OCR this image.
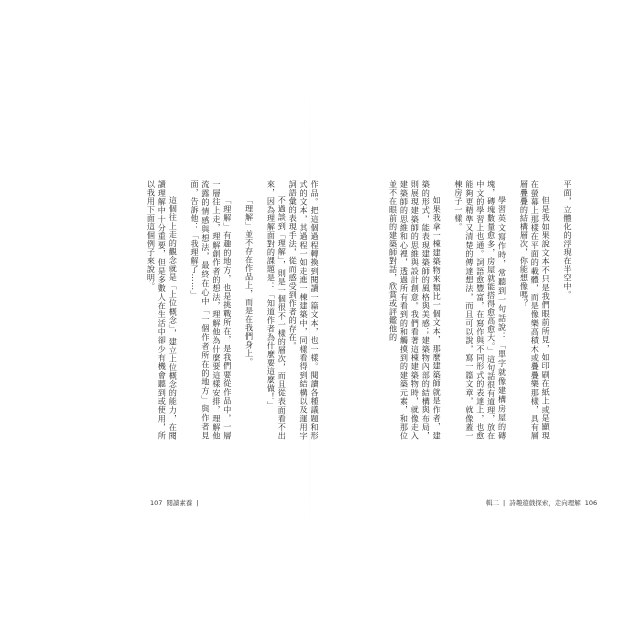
作品。把這個過程轉換到閱讀一篇文本，也一樣。閱讀各種議題和形式的文本，其過程一如走進一棟建築中，同樣看得到結構以及運用字詞語彙的表現手法，從而感受到作者的存在。

不過談到「理解」，則是一個很不一樣的層次，而且從表面看不出來，因為理解面對的課題是：「知道作者為什麼要這麼做！」

「理解」並不存在作品上，而是在我們身上。

「理解」有趣的地方，也是挑戰所在，是我們要從作品中，一層一層往上走，理解創作者的想法，理解他為什麼要這樣安排，理解他流露的情感與想法，最終在心中「一個作者所在的地方」與作者見面，告訴他：「我理解了……」

這個往上走的觀念就是「上位概念」，建立上位概念的能力，在閱讀理解中十分重要，但是多數人在生活中卻少有機會聽到或使用，所以我用下面這個例子來說明。	平面，立體化的浮現在半空中。

但是我如果說文本不只是我們眼前所見，如印刷在紙上或是顯現在螢幕上那樣在平面的載體，而是像樂高積木或疊疊樂那樣，具有層層疊疊的結構層次，你能想像嗎？

學習英文寫作時，常聽到一句話說：「單字就像建構房屋的磚塊，磚塊數量愈多，房屋就能搭得愈高愈大。」這句話很有道理，放在中文的學習上也通。詞語愈豐富，在寫作與不同形式的表達上，也愈能夠更精準又清楚的傳達想法，而且可以說，寫一篇文章，就像蓋一棟房子一樣。

如果我拿一棟建築物來類比一個文本，那麼建築師就是作者，建築的形式，能表現建築師的風格與美感；建築物內部的結構與布局，則展現建築師的思維與設計創意。我們看著這棟建築物時，就像走入建築師的思維和心裡，透過所有看到的和觸摸到的建築元素，和那位並不在眼前的建築師對話，欣賞或評鑑他的

107 閱讀素養 |	輯二 | 詩趣遊戲探索，走向理解 106
